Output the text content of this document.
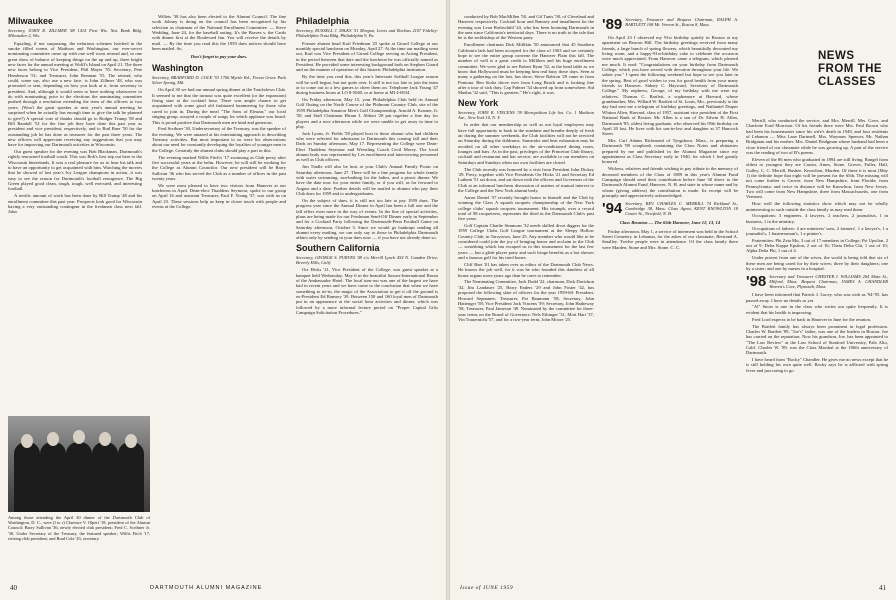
Milwaukee

Secretary, JOHN R. ZILLMER '48 1414 First Wis. Nat. Bank Bldg. Milwaukee 2, Wis.

Equaling, if not surpassing, the nefarious schemes hatched in the smoke filled rooms of Madison and Washington, our ever-secret nominating committee came up with one well worn retread and, in one great show of balance of keeping things on the up and up, three bright new faces for the annual meeting at Wolff's Island on April 21. The three new faces belong to Vice President, Phil Mayer '55; Secretary, Pete Henderson '51; and Treasurer, John Brennan '55. The retread, who could, some say, also use a new face, is John Zillmer '48, who was promoted or sent, depending on how you look at it, from secretary to president. And, although it would seem to have nothing whatsoever to do with nominating, prior to the elections the nominating committee pushed through a resolution extending the term of the officers to two years. (Won't the great speaker at next year's annual meeting be surprised when he actually has enough time to give the talk he planned to give?) A special vote of thanks should go to Rodger Trump '58 and Bill Randall '52 for the fine job they have done this past year as president and vice president, respectively, and to Bud Baer '50 for the outstanding job he has done as treasurer for the past three years. The new officers will appreciate receiving any suggestions that you may have for improving our Dartmouth activities in Wisconsin.

Our guest speaker for the evening was Bob Blackman, Dartmouth's rightly renowned football coach. This was Bob's first trip out here to the Wisconsin hinterlands. It was a real pleasure for us to hear his talk and to have an opportunity to get acquainted with him. Watching the movies that he showed of last year's Ivy League champions in action, it was easy to see the reason for Dartmouth's football resurgence. The Big Green played good clean, tough, tough, well executed, and interesting football.

A terrific amount of work has been done by Bill Trump '48 and his enrollment committee this past year. Prospects look good for Wisconsin having a very outstanding contingent in the freshman class next fall. John

Among those attending the April 30 dinner of the Dartmouth Club of Washington, D. C., were (l to r) Clarence V. Olpert '18, president of the Alumni Council; Barry Sullivan '36, newly elected club president; Fred C. Scribner Jr. '30, Under Secretary of the Treasury, the featured speaker; Willis Fitch '17, retiring club president; and Brad Cole '43, secretary.

Willets '38 has also been elected to the Alumni Council. The fine work Johnny is doing on the council has been recognized by his selection as chairman of the National Enrollment Committee. — Steve Wedding, June 24, for the baseball outing. It's the Braves v. the Cards with dinner first at the Boulevard Inn. You will receive the details by mail. — By the time you read this the 1959 dues notices should have been mailed. So,

Don't forget to pay your dues.

Washington

Secretary, BRADFORD D. COLE '53 1706 Myrtle Rd., Forest Grove Park Silver Spring, Md.

On April 30 we had our annual spring dinner at the Touchdown Club. It seemed to me that the turnout was quite excellent (or the expansion) fixing start at the cocktail hour. There was ample chance to get acquainted with some good old fashioned hammering by those who cared to join in. During the meal "The Sons of Eleazar," our local singing group, assayed a couple of songs for which applause was heard. This is proud positive that Dartmouth men are kind and generous.

Fred Scribner '30, Undersecretary of the Treasury, was the speaker of the evening. We were amazed at his entertaining approach to describing Treasury activities. But most important to us were his observations about our need for constantly developing the loyalties of younger men to the College. Certainly the alumni clubs should play a part in this.

The evening marked Willis Fitch's '17 swansong as Club prexy after five successful years at the helm. However, he will still be working for the College as Alumni Councilor. Our new president will be Barry Sullivan '36 who has served the Club as a number of offices in the past twenty years.

We were most pleased to have two visitors from Hanover at our luncheons in April. Dean-elect Thaddeus Seymour, spoke to our group on April 16 and assistant Treasurer, Paul F. Young '37, was with us on April 23. These sessions help us keep in closer touch with people and events at the College.

Philadelphia

Secretary, RUSSELL J. DILKS '51 Morgan, Lewis and Bockius 2107 Fidelity-Philadelphia Trust Bldg. Philadelphia 9, Pa.

Former alumni head Karl Friedman '25 spoke at Girard College at our monthly special luncheon on Monday, April 27. At the time our mailing went out, Karl was Vice President of Girard College serving as Acting President, in the period between that date and the luncheon he was officially named as President. He provided some interesting background both on Stephen Girard and on the manner of operation of this historic Philadelphia institution.

By the time you read this, this year's Interstate Softball League season will be well begun, but not quite over. It still is not too late to join the team or to come out to a few games to cheer them on. Telephone Jack Young '47 during business hours at LO 8-5040, or at home at MI 4-6934.

On Friday afternoon, May 15, your Philadelphia Club held its Annual Golf Outing on the North Course of the Philmont Country Club, site of the 1959 Philadelphia Amateur Men's Golf Championship. Arnold A. Kramer, Jr. '50, and Staff Chairman Hiram J. Abbott '28 put together a fine day for players and a nice afternoon while we were unable to get away in time to play.

Jack Lyons, Jr. Fields '58 played host to those alumni who had children who were selected for admission to Dartmouth this coming fall and their Dads on Sunday afternoon, May 17. Representing the College were Dean-Elect Thaddeus Seymour and Wrestling Coach Cecil Morey. The local alumni body was represented by Les enrollment and interviewing personnel as well as Club officers.

Jim Tindle will also be host at your Club's Annual Family Picnic on Saturday afternoon, June 27. There will be a fine program for whole family with water swimming, sun-bathing for the ladies, and a picnic dinner. We have the date now for your entire family, or if you will, as far forward to August and a date. Further details will be mailed to alumni who pay their Club dues for 1959 and to undergraduates.

On the subject of dues, it is still not too late to pay 1959 dues. The progress year since the Annual Dinner in April has been a full one and the fall offers even more in the way of events. In the line of special activities, plans are being made for our Freshman Send-Off Dinner early in September and for a Cocktail Party following the Dartmouth-Penn Football Game on Saturday afternoon, October 3. Since we would go bankrupt sending all alumni every mailing, we can only say to those in Philadelphia Dartmouth affairs only by sending in your dues now — if you have not already done so.

Southern California

Secretary, GEORGE S. PURVES '49 c/o Merrill Lynch 454 N. Camden Drive, Beverly Hills, Calif.

Orr Hicks '21, Vice President of the College, was guest speaker at a banquet held Wednesday, May 6 in the beautiful Sussex-International Room of the Ambassador Hotel. The local turn-out was one of the largest we have had in recent years and we have come to the conclusion that when we have something to tie-in, the magic of the Association to get it off the ground is ex-President Ed Ramsey '39. Between 150 and 160 loyal men of Dartmouth put in an appearance at the social hour activities and dinner, which was followed by a more informal lecture period on "Proper Capital Gifts Campaign Solicitation Procedures."

40	DARTMOUTH ALUMNI MAGAZINE

conducted by Bob MacMillen '50, and Gil Tanis '58, of Cleveland and Hanover respectively. Cocktail hour and Ramsey and installment for the evening was Leon Rothschild '24, who has been booming Dartmouth in the area since California's territorial days. There is no truth to the tale that he is the archbishop of the Western party.

Enrollment chairman Dick Millikin '50 announced that 45 Southern California lads had been accepted for the class of 1963 and we certainly hope to see the entire group convene the Hanover Plain this fall. The number of well is a great credit to Milliken and his huge enrollment committee. We were glad to see Robert Ryan '32, at the head table as we know that Hollywood must be keeping him real busy these days. Seen at many a gathering on the last, has show, Steve Ralston '29 came in from Pomona. Ben Stoltz drove over from Long Beach and is looking fine after a tour of sick duty. Cap Palmer '34 showed up from somewhere, Sid Madias '32 said, "This is greatest." He's right, it was.

New York

Secretary, JOHN K. VINCENS '39 Metropolitan Life Ins. Co. 1 Madison Ave., New York 10, N. Y.

In order that our membership as well as our loyal employees may have full opportunity to bask in the sunshine and breathe deeply of fresh air during the summer weekends, the Club facilities will not be serviced on Saturday during the doldrums. Sunstroke and heat exhaustion may be avoided on all other weekdays in the air-conditioned dining room, lounges and bars. As in the past, privileges of the Princeton Club library, cocktail and restaurant and bar service, are available to our members on Saturdays and Sundays when our own facilities are closed.

The Club recently was honored by a visit from President John Dickey '29. Prexy, together with Vice Presidents Orr Hicks '21 and Secretary Ed Lathem '51 sat down, and sat down with the officers and Governors of the Club at an informal luncheon discussion of matters of mutual interest to the College and the New York alumni body.

Aaron Daniel '37 recently brought honor to himself and the Club by winning the Class A squash racquets championship of the New York college clubs' squash racquets tournament. His triumph, over a record total of 98 racqueteers, represents the third in the Dartmouth Club's past five years.

Golf Captain Charlie Simmons '32 needs skilled divot diggers for the 1959 College Clubs Golf League tournament at the Sleepy Hollow Country Club, in Tarrytown, June 25. Any member who would like to be considered could join the joy of bringing honor and acclaim to the Club — something which has escaped us in this tournament for the last few years — but a glide player party and such fringe benefits as a hot shower and a famous golf for his tired bones.

Cliff Hart '01 has taken over as editor of the Dartmouth Club News. He knows the job well, for it was he who founded this dandiest of all house organs more years ago than he cares to remember.

The Nominating Committee, Jack Dodd '22, chairman, Dick Davidson '32, Jim Landauer '25, Harry Enders '29 and John Foster '42, has proposed the following slate of officers for the year 1959-60: President, Howard Sepmaner; Treasurer, Pat Baumann '58; Secretary, John Hattenger '58; Vice President Jack Vincens '39; Secretary, John Hatheway '58; Treasurer, Paul Jameson '49. Nominated by the committee for three-year terms on the Board of Governors: Nels Ethinger '31, Mott Hart '37, Vin Trauernicht '57, and for a two-year term, John Moore '25.

'89 Secretary, Treasurer and Bequest Chairman, RALPH A. BARTLETT 108 Mt. Vernon St., Boston 8, Mass.

On April 23 I observed my 91st birthday quietly in Boston at my apartment on Beacon Hill. The birthday greetings received from many friends, a large bunch of spring flowers, which beautifully decorated my living room, and a happy-91st-birthday cake to celebrate the occasion were much appreciated. From Hanover came a telegram, which pleased me much. It read: "Congratulations on your birthday from Dartmouth College, which you have served with devotion throughout your life. We salute you." I spent the following weekend but hope to see you later in the spring. Best of good wishes to you for good health from your many friends in Hanover. Sidney C. Hayward, Secretary of Dartmouth College." My nephews, George, of my birthday with me were my relatives, Thomas C. Bartlett, a sophomore at Harvard, whose grandmother, Mrs. Willard W. Bartlett of St. Louis, Mo., previously to the day had sent me a telegram of birthday greetings, and Nathaniel Draper Whiton Allen, Harvard, class of 1957, assistant vice president of the First National Bank of Boston. Mr. Allen is a son of Dr. Edwin H. Allen, Dartmouth '85, oldest living graduate, who observed his 95th birthday on April 20 last. He lives with his son-in-law and daughter at 37 Hancock Street.

Mrs. Carl Adams Richmond of Tyngsboro, Mass., is preparing a Dartmouth '89 scrapbook containing the Class Notes and obituaries prepared by me and published in the Alumni Magazine since my appointment as Class Secretary early in 1940, for which I feel greatly honored.

Widows, relatives and friends wishing to pay tribute to the memory of deceased members of the Class of 1889 in this year's Alumni Fund Campaign should send their contribution before June 30 direct to the Dartmouth Alumni Fund, Hanover, N. H. and state in whose name and by whom (giving address) the contribution is made. Its receipt will be promptly and appreciatively acknowledged.

'94 Secretary, REV. CHARLES C. MERRILL 74 Kirkland St., Cambridge 38, Mass. Class Agent, KENT KNOWLTON 18 Center St., Newfield, N. H.

Class Reunion — The 65th Hanover, June 12, 13, 14

Friday afternoon, May 1, a service of interment was held in the School Street Cemetery in Lebanon, for the ashes of our classmate, Bertrand A. Smalley. Twelve people were in attendance. Of the class family there were Marden, Stone and Mrs. Stone. C. C.

NEWS FROM THE CLASSES

Merrill, who conducted the service, and Mrs. Merrill. Mrs. Gove, and Charlotte Ford Morrison. Of his friends there were Mrs. Paul Brown who had been his housemaster since his wife's death in 1949, and four residents of Lebanon — Miss Lane Dartmell, Mrs. Waymaw Spencer, Mr. Nathan Bridgman and his mother. Mrs. Daniel Bridgman whose husband had been a close friend of our classmate while he was growing up. A part of the service was the reading of two of B's poems.

Eleven of the 86 men who graduated in 1894 are still living. Rangel from oldest to youngest they are Cassin, Ames, Stone, Grover, Fuller, Hall, Gulley, C. C. Merrill, Bushee, Knowlton, Marden. Of these it is most (May 1) the definite hope that eight will be present for the 65th. The missing will not come further is Grover, from New Hampshire, from Florida; from Pennsylvania; and twice in distance will be Knowlton, from New Jersey. Two will come from New Hampshire, three from Massachusetts, one from Vermont.

How well the following statistics show which may not be wholly uninteresting to such outside the class family as may read them:

Occupations: 3 engineers, 4 lawyers, 2 teachers, 2 journalists, 1 in business, 1 in the ministry.

Occupations of fathers: 4 are ministers' sons, 2 farmers', 1 a lawyer's, 1 a journalist's, 1 businessman's, 1 a printer's.

Fraternities: Phi Zeta Mu, 3 out of 17 members in College; Psi Upsilon, 2 out of 9; Delta Kappa Epsilon, 2 out of 16; Theta Delta Chi, 1 out of 10; Alpha Delta Phi, 1 out of 4.

Under protest from one of the wives, the world is being told that six of these men are being cared for by their wives; three by their daughters; one by a sister; and one by nurses in a hospital.

'98 Secretary and Treasurer CHESTER I. WILLIAMS 264 Main St., Milford, Mass. Bequest Chairman, JAMES A. CHANDLER Warren's Cove, Plymouth, Mass.

I have been informed that Patrick J. Lucey, who was with us '94-'95, has passed away. I have no details as yet.

"Al" Snow is one in the class who writes our quite frequently. It is evident that his health is improving.

Fred Lord expects to be back in Hanover in June for the reunion.

The Bartlett family has always been prominent in legal profession. Charles W. Bartlett '89, "Joe's" father, was one of the leaders in Boston. Joe has carried on the reputation. Now his grandson, Joe, has been appointed to "The Law Review" at the Law School of Stanford University, Palo Alto, Calif. Charles W. '89, was the Class Marshal at the 100th anniversary of Dartmouth.

I have heard from "Rocky" Chandler. He gives me no news except that he is still holding his own quite well. Rocky says he is afflicted with spring fever and just raring to go.

Issue of JUNE 1959	41
